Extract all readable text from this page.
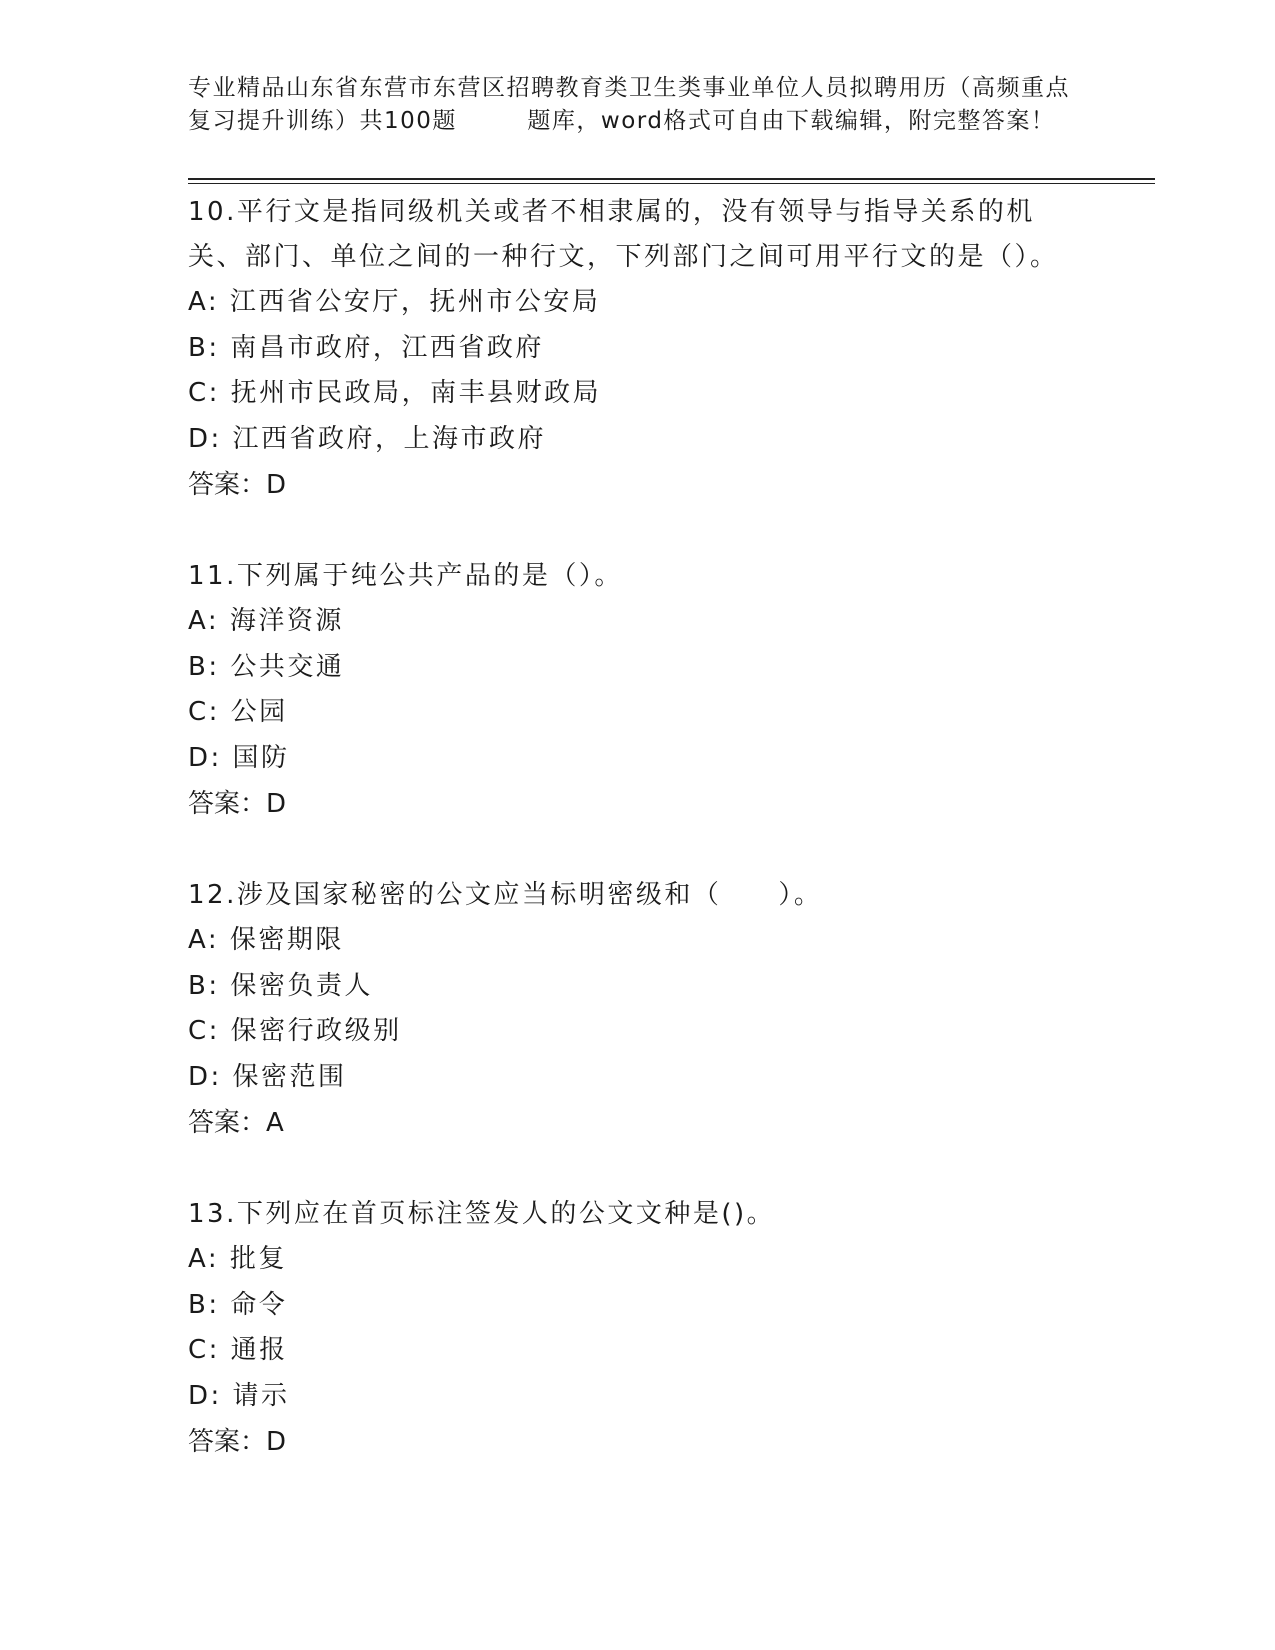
专业精品山东省东营市东营区招聘教育类卫生类事业单位人员拟聘用历（高频重点
复习提升训练）共100题        题库，word格式可自由下载编辑，附完整答案！

10.平行文是指同级机关或者不相隶属的，没有领导与指导关系的机关、部门、单位之间的一种行文，下列部门之间可用平行文的是（）。

A: 江西省公安厅，抚州市公安局

B: 南昌市政府，江西省政府

C: 抚州市民政局，南丰县财政局

D: 江西省政府，上海市政府

答案：D

11.下列属于纯公共产品的是（）。

A: 海洋资源

B: 公共交通

C: 公园

D: 国防

答案：D

12.涉及国家秘密的公文应当标明密级和（　　）。

A: 保密期限

B: 保密负责人

C: 保密行政级别

D: 保密范围

答案：A

13.下列应在首页标注签发人的公文文种是()。

A: 批复

B: 命令

C: 通报

D: 请示

答案：D
